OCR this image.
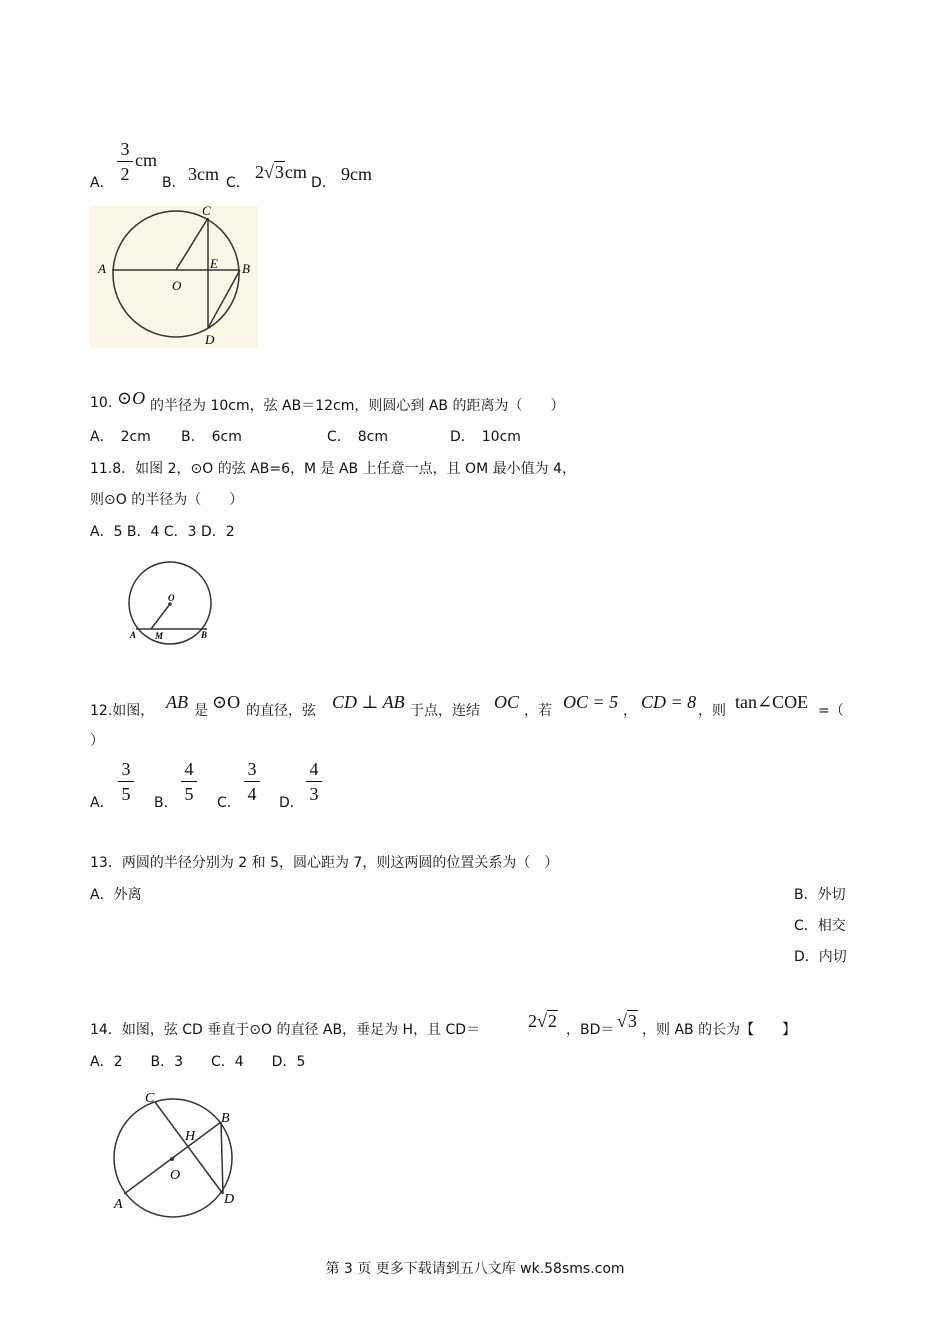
A．
3
2
cm
B． 3cm C．
2√3cm
D． 9cm
C
A	E B
O
D
10. ⊙O 的半径为 10cm，弦 AB＝12cm，则圆心到 AB 的距离为（　　）
A．　2cm B．　6cm	C．　8cm	D．　10cm
11.8．如图 2，⊙O 的弦 AB=6，M 是 AB 上任意一点，且 OM 最小值为 4，
则⊙O 的半径为（　　）
A．5 B．4 C．3 D．2
O
A M	B
12.如图， AB 是 ⊙O 的直径，弦 CD ⊥ AB 于点，连结 OC ，若 OC = 5 ， CD = 8 ，则 tan∠COE =（
）
A．
3
5 B．
4
5 C．
3
4 D．
4
3
13．两圆的半径分别为 2 和 5，圆心距为 7，则这两圆的位置关系为（　）
A．外离	B．外切
C．相交
D．内切
14．如图，弦 CD 垂直于⊙O 的直径 AB，垂足为 H，且 CD＝	2√2 ，BD＝ √3 ，则 AB 的长为【　　】
A．2　　B．3　　C．4　　D．5
C
B
H
O
A	D
第 3 页 更多下载请到五八文库 wk.58sms.com
